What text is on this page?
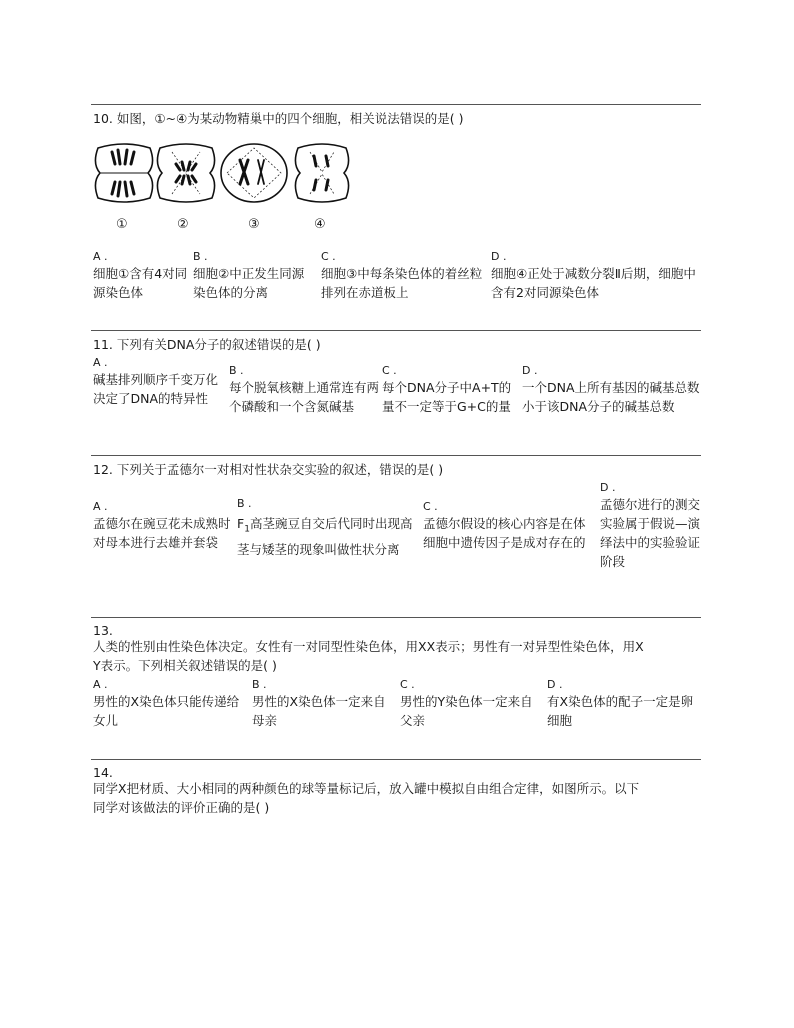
10. 如图，①~④为某动物精巢中的四个细胞，相关说法错误的是( )
①	②	③	④
A .
细胞①含有4对同源染色体
B .
细胞②中正发生同源染色体的分离
C .
细胞③中每条染色体的着丝粒排列在赤道板上
D .
细胞④正处于减数分裂Ⅱ后期，细胞中含有2对同源染色体
11. 下列有关DNA分子的叙述错误的是( )
A .
碱基排列顺序千变万化决定了DNA的特异性
B .
每个脱氧核糖上通常连有两个磷酸和一个含氮碱基
C .
每个DNA分子中A+T的量不一定等于G+C的量
D .
一个DNA上所有基因的碱基总数小于该DNA分子的碱基总数
12. 下列关于孟德尔一对相对性状杂交实验的叙述，错误的是( )
A .
孟德尔在豌豆花未成熟时对母本进行去雄并套袋
B .
$F_1$高茎豌豆自交后代同时出现高茎与矮茎的现象叫做性状分离
C .
孟德尔假设的核心内容是在体细胞中遗传因子是成对存在的
D .
孟德尔进行的测交实验属于假说—演绎法中的实验验证阶段
13.
人类的性别由性染色体决定。女性有一对同型性染色体，用XX表示；男性有一对异型性染色体，用X
Y表示。下列相关叙述错误的是( )
A .
男性的X染色体只能传递给女儿
B .
男性的X染色体一定来自母亲
C .
男性的Y染色体一定来自父亲
D .
有X染色体的配子一定是卵细胞
14.
同学X把材质、大小相同的两种颜色的球等量标记后，放入罐中模拟自由组合定律，如图所示。以下
同学对该做法的评价正确的是( )
